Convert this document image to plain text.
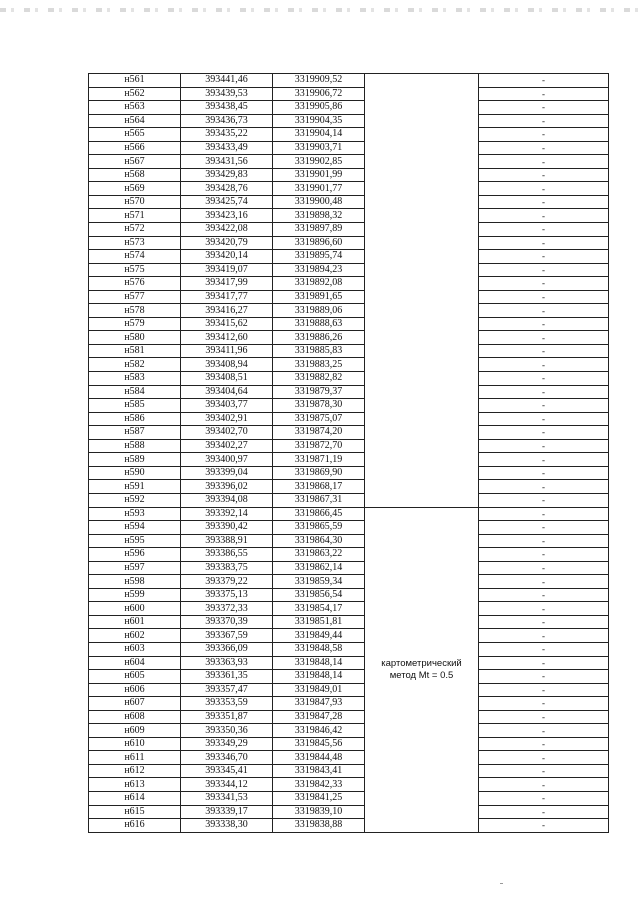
н561	393441,46	3319909,52		-
н562	393439,53	3319906,72		-
н563	393438,45	3319905,86		-
н564	393436,73	3319904,35		-
н565	393435,22	3319904,14		-
н566	393433,49	3319903,71		-
н567	393431,56	3319902,85		-
н568	393429,83	3319901,99		-
н569	393428,76	3319901,77		-
н570	393425,74	3319900,48		-
н571	393423,16	3319898,32		-
н572	393422,08	3319897,89		-
н573	393420,79	3319896,60		-
н574	393420,14	3319895,74		-
н575	393419,07	3319894,23		-
н576	393417,99	3319892,08		-
н577	393417,77	3319891,65		-
н578	393416,27	3319889,06		-
н579	393415,62	3319888,63		-
н580	393412,60	3319886,26		-
н581	393411,96	3319885,83		-
н582	393408,94	3319883,25		-
н583	393408,51	3319882,82		-
н584	393404,64	3319879,37		-
н585	393403,77	3319878,30		-
н586	393402,91	3319875,07		-
н587	393402,70	3319874,20		-
н588	393402,27	3319872,70		-
н589	393400,97	3319871,19		-
н590	393399,04	3319869,90		-
н591	393396,02	3319868,17		-
н592	393394,08	3319867,31		-
н593	393392,14	3319866,45	картометрический
метод Mt = 0.5	-
н594	393390,42	3319865,59		-
н595	393388,91	3319864,30		-
н596	393386,55	3319863,22		-
н597	393383,75	3319862,14		-
н598	393379,22	3319859,34		-
н599	393375,13	3319856,54		-
н600	393372,33	3319854,17		-
н601	393370,39	3319851,81		-
н602	393367,59	3319849,44		-
н603	393366,09	3319848,58		-
н604	393363,93	3319848,14		-
н605	393361,35	3319848,14		-
н606	393357,47	3319849,01		-
н607	393353,59	3319847,93		-
н608	393351,87	3319847,28		-
н609	393350,36	3319846,42		-
н610	393349,29	3319845,56		-
н611	393346,70	3319844,48		-
н612	393345,41	3319843,41		-
н613	393344,12	3319842,33		-
н614	393341,53	3319841,25		-
н615	393339,17	3319839,10		-
н616	393338,30	3319838,88		-
